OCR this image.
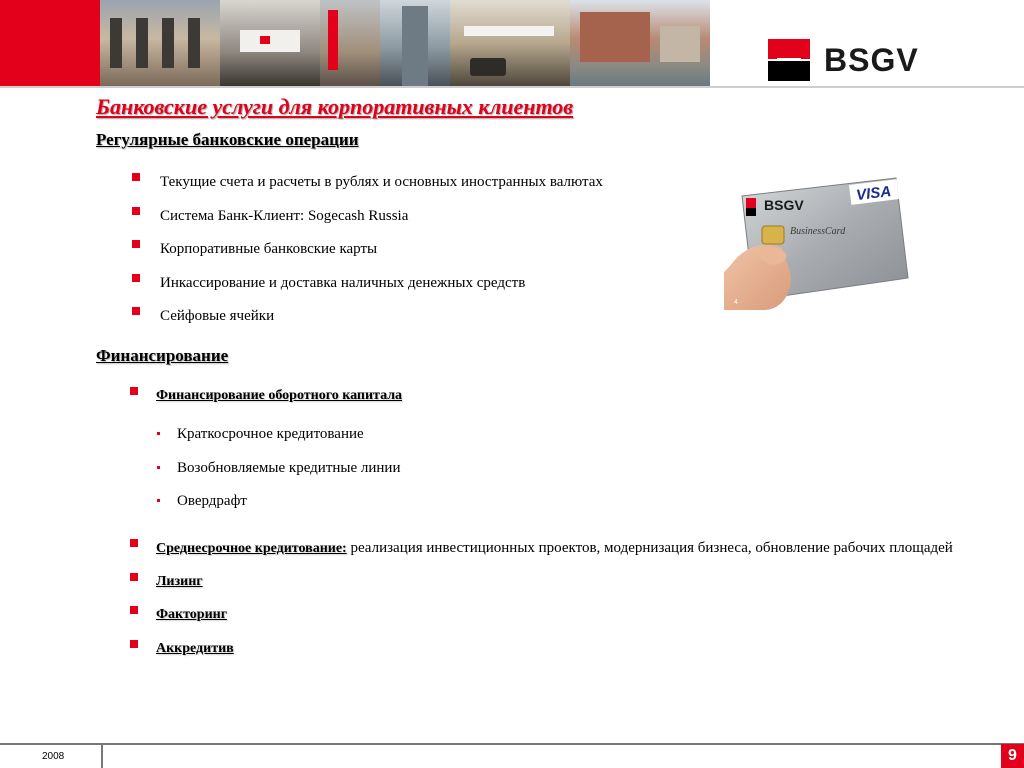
BSGV
Банковские услуги для корпоративных клиентов
Регулярные банковские операции
Текущие счета и расчеты в рублях и основных иностранных валютах
Система Банк-Клиент: Sogecash Russia
Корпоративные банковские карты
Инкассирование и доставка наличных денежных средств
Сейфовые ячейки
BSGV
VISA
BusinessCard
4
Финансирование
Финансирование оборотного капитала
Краткосрочное кредитование
Возобновляемые кредитные линии
Овердрафт
Среднесрочное кредитование: реализация инвестиционных проектов, модернизация бизнеса, обновление рабочих площадей
Лизинг
Факторинг
Аккредитив
2008	9
